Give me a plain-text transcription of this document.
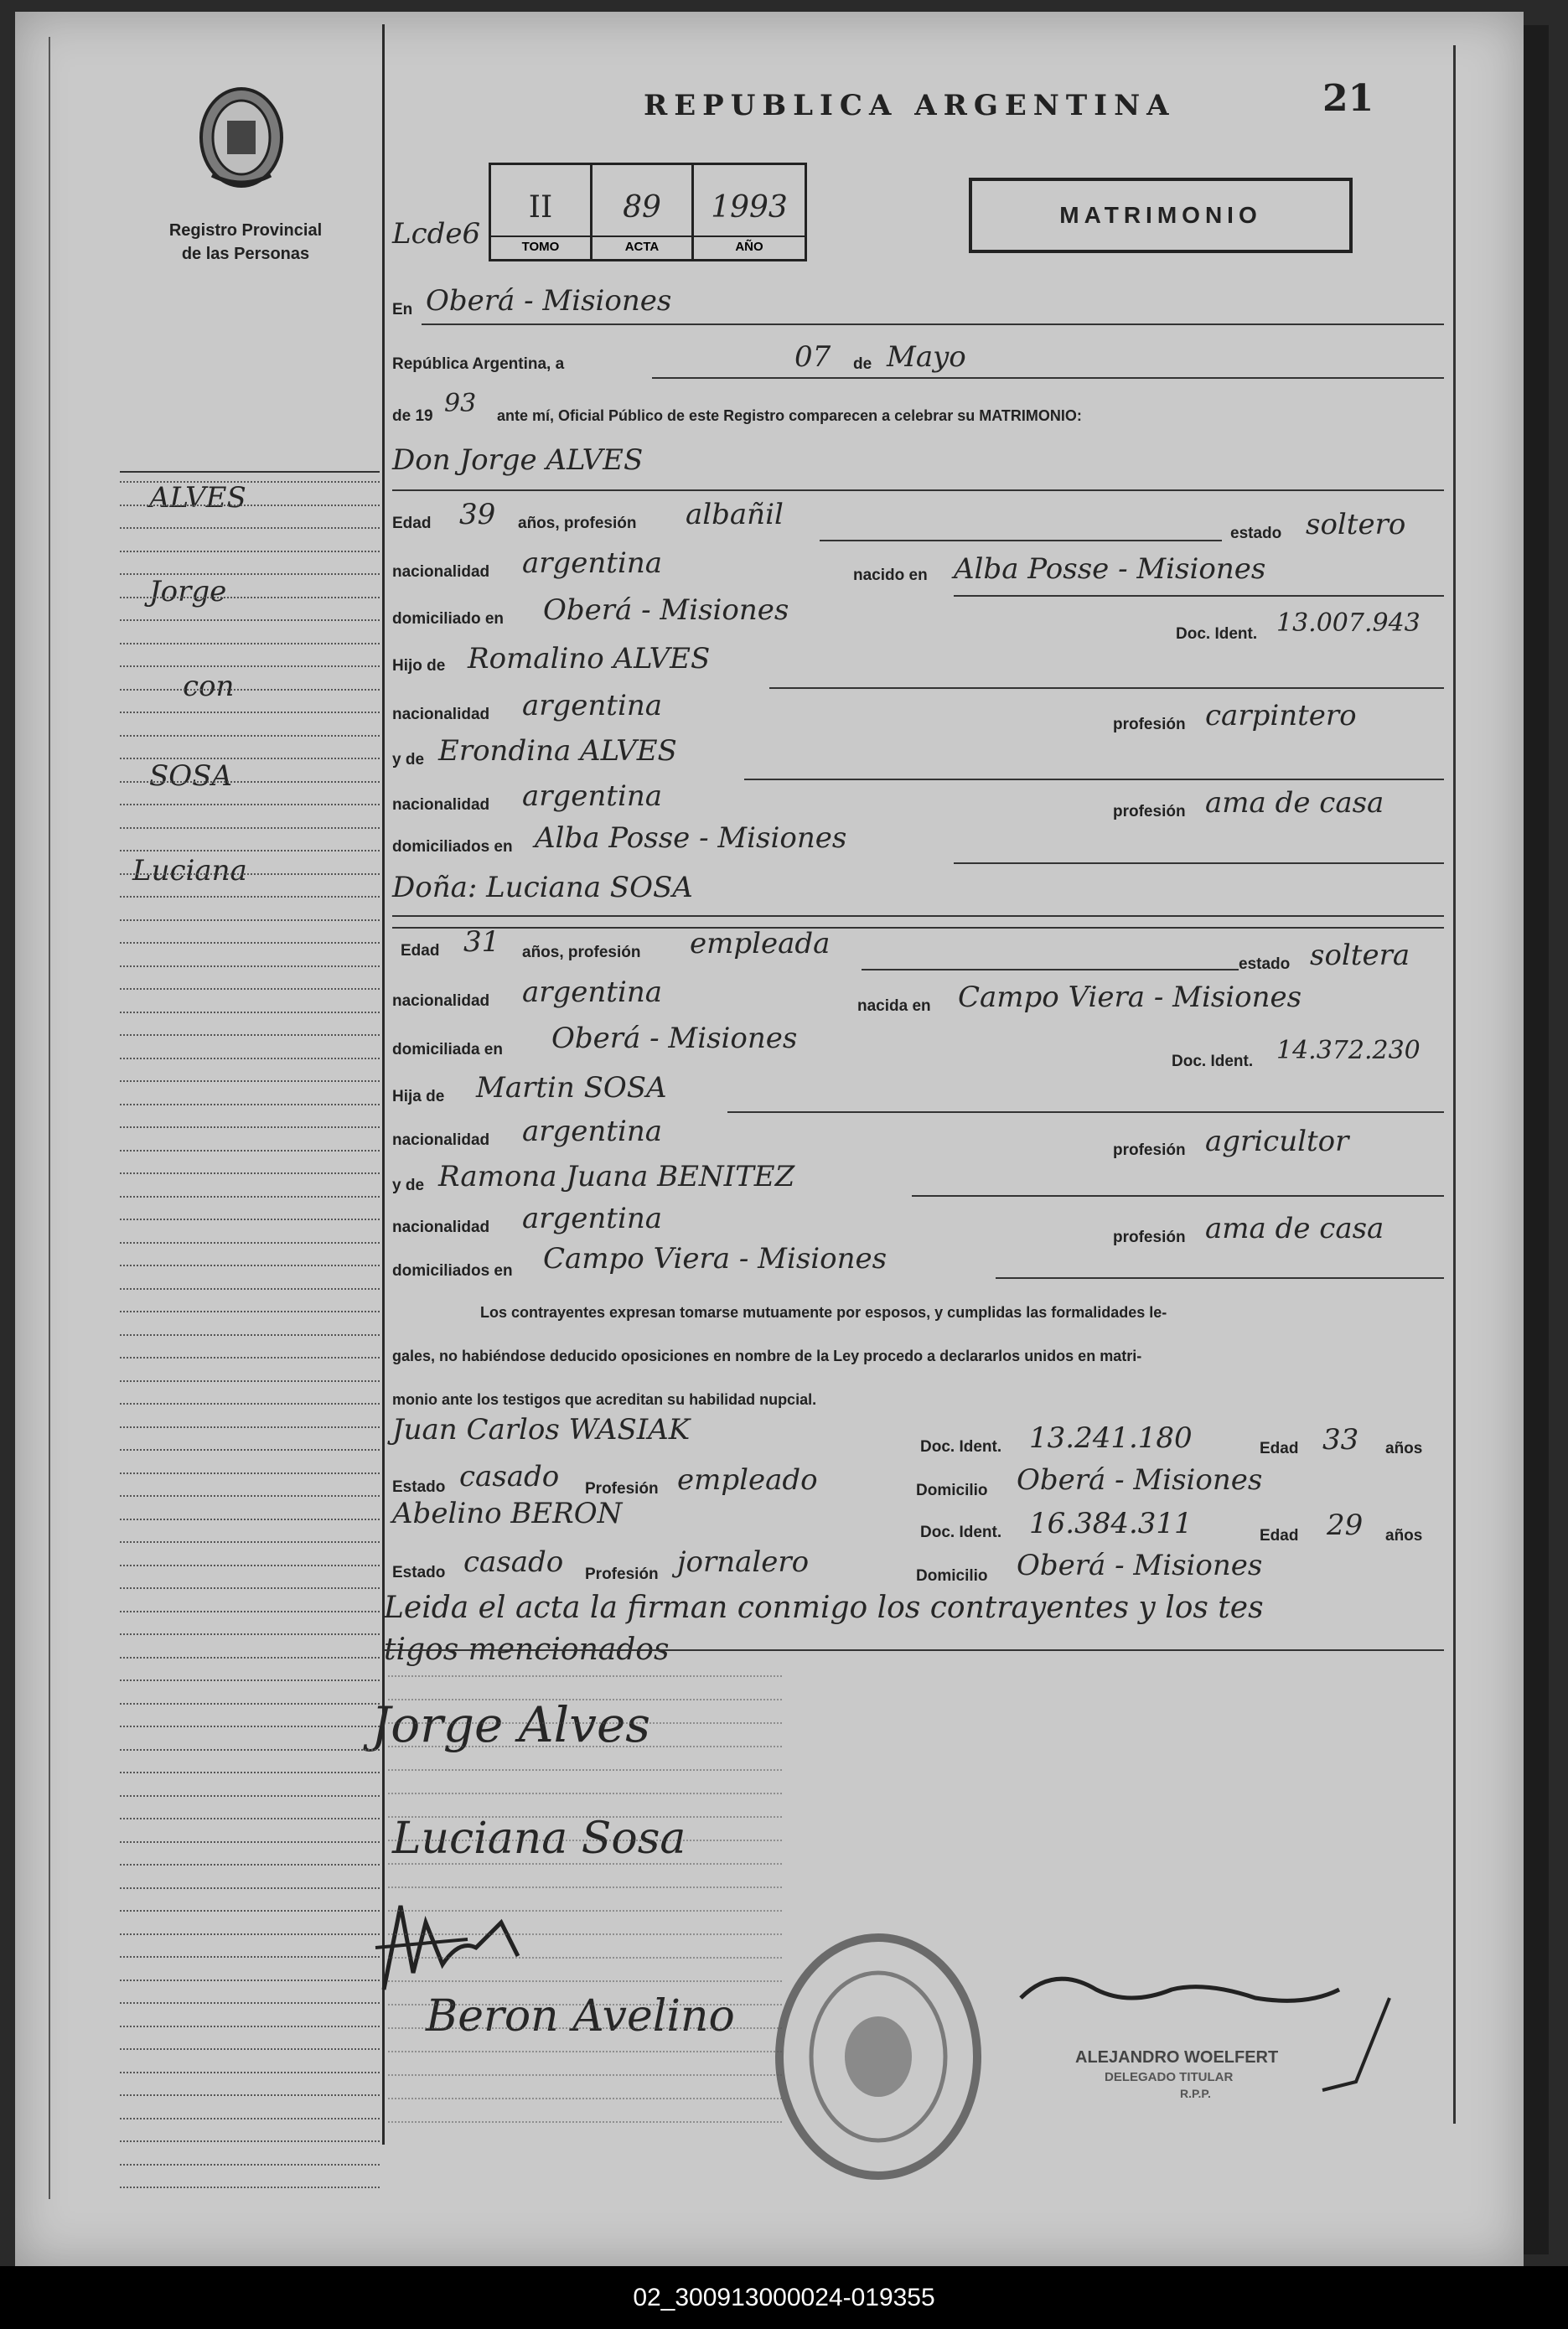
Registro Provincial
de las Personas
REPUBLICA ARGENTINA	21
Lcde6
II
TOMO
89
ACTA
1993
AÑO
MATRIMONIO
ALVES
Jorge
con
SOSA
Luciana
En Oberá - Misiones
República Argentina, a	07 de Mayo
de 19 93 ante mí, Oficial Público de este Registro comparecen a celebrar su MATRIMONIO:
Don Jorge ALVES
Edad 39 años, profesión albañil
estado soltero
nacionalidad argentina	nacido en Alba Posse - Misiones
domiciliado en Oberá - Misiones
Doc. Ident. 13.007.943
Hijo de Romalino ALVES
nacionalidad argentina
profesión carpintero
y de Erondina ALVES
nacionalidad argentina	profesión ama de casa
domiciliados en Alba Posse - Misiones
Doña: Luciana SOSA
Edad 31 años, profesión empleada
estado soltera
nacionalidad argentina	nacida en Campo Viera - Misiones
domiciliada en Oberá - Misiones
Doc. Ident. 14.372.230
Hija de Martin SOSA
nacionalidad argentina
profesión agricultor
y de Ramona Juana BENITEZ
nacionalidad argentina
profesión ama de casa
domiciliados en Campo Viera - Misiones
Los contrayentes expresan tomarse mutuamente por esposos, y cumplidas las formalidades le-
gales, no habiéndose deducido oposiciones en nombre de la Ley procedo a declararlos unidos en matri-
monio ante los testigos que acreditan su habilidad nupcial.
Juan Carlos WASIAK
Doc. Ident. 13.241.180	Edad 33 años
Estado casado Profesión empleado	Domicilio Oberá - Misiones
Abelino BERON
Doc. Ident. 16.384.311	Edad 29 años
Estado casado Profesión jornalero	Domicilio Oberá - Misiones
Leida el acta la firman conmigo los contrayentes y los tes
tigos mencionados
Jorge Alves
Luciana Sosa
Beron Avelino
ALEJANDRO WOELFERT
DELEGADO TITULAR
R.P.P.
02_300913000024-019355
